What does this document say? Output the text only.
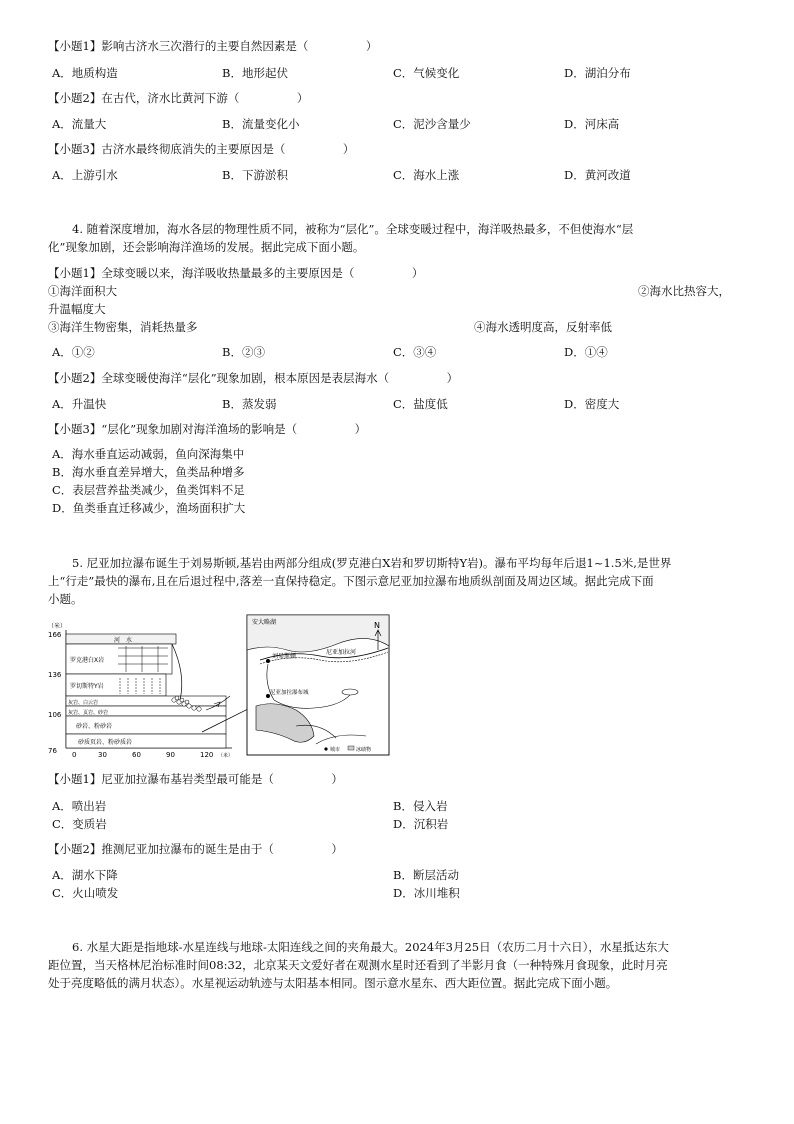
【小题1】影响古济水三次潜行的主要自然因素是（　　　　　）
A．地质构造	B．地形起伏	C．气候变化	D．湖泊分布
【小题2】在古代，济水比黄河下游（　　　　　）
A．流量大	B．流量变化小	C．泥沙含量少	D．河床高
【小题3】古济水最终彻底消失的主要原因是（　　　　　）
A．上游引水	B．下游淤积	C．海水上涨	D．黄河改道
4. 随着深度增加，海水各层的物理性质不同，被称为“层化”。全球变暖过程中，海洋吸热最多，不但使海水“层
化”现象加剧，还会影响海洋渔场的发展。据此完成下面小题。
【小题1】全球变暖以来，海洋吸收热量最多的主要原因是（　　　　　）
①海洋面积大	②海水比热容大，
升温幅度大
③海洋生物密集，消耗热量多	④海水透明度高，反射率低
A．①②	B．②③	C．③④	D．①④
【小题2】全球变暖使海洋“层化”现象加剧，根本原因是表层海水（　　　　　）
A．升温快	B．蒸发弱	C．盐度低	D．密度大
【小题3】“层化”现象加剧对海洋渔场的影响是（　　　　　）
A．海水垂直运动减弱，鱼向深海集中
B．海水垂直差异增大，鱼类品种增多
C．表层营养盐类减少，鱼类饵料不足
D．鱼类垂直迁移减少，渔场面积扩大
5. 尼亚加拉瀑布诞生于刘易斯顿,基岩由两部分组成(罗克港白X岩和罗切斯特Y岩)。瀑布平均每年后退1~1.5米,是世界
上“行走”最快的瀑布,且在后退过程中,落差一直保持稳定。下图示意尼亚加拉瀑布地质纵剖面及周边区域。据此完成下面
小题。
（米）
166
136
106
76 0	30	60	90	120 （米）
河　水
罗克港白X岩
罗切斯特Y岩
灰岩、白云岩
灰岩、页岩、砂岩
砂岩、粉砂岩
砂质页岩、粉砂质岩
安大略湖	N
刘易斯顿
尼亚加拉河
尼亚加拉瀑布城
城市	冰碛物
【小题1】尼亚加拉瀑布基岩类型最可能是（　　　　　）
A．喷出岩	B．侵入岩
C．变质岩	D．沉积岩
【小题2】推测尼亚加拉瀑布的诞生是由于（　　　　　）
A．湖水下降	B．断层活动
C．火山喷发	D．冰川堆积
6. 水星大距是指地球-水星连线与地球-太阳连线之间的夹角最大。2024年3月25日（农历二月十六日），水星抵达东大
距位置，当天格林尼治标准时间08:32，北京某天文爱好者在观测水星时还看到了半影月食（一种特殊月食现象，此时月亮
处于亮度略低的满月状态）。水星视运动轨迹与太阳基本相同。图示意水星东、西大距位置。据此完成下面小题。
